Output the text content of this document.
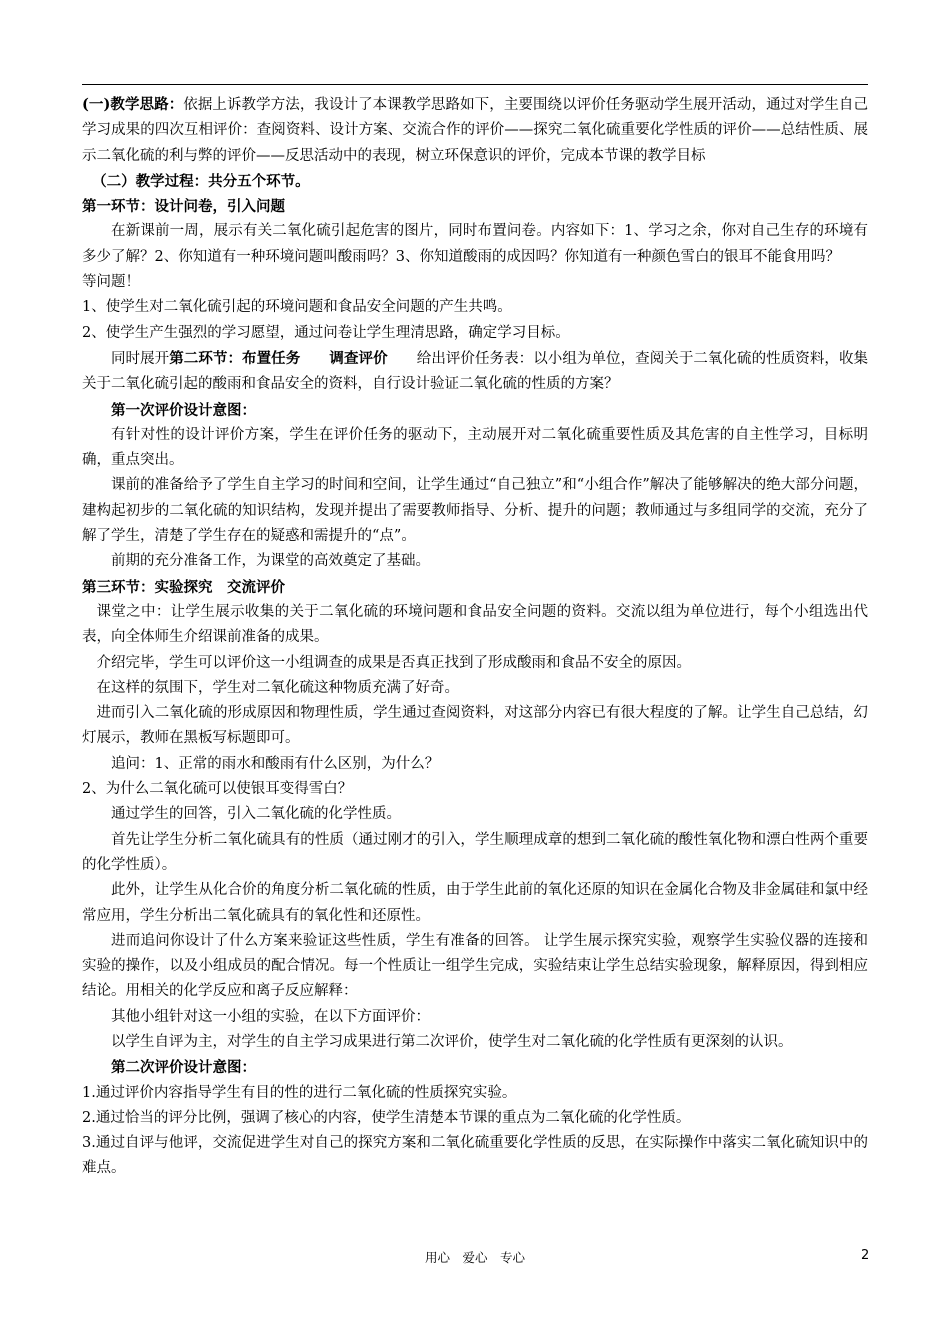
(一)教学思路：依据上诉教学方法，我设计了本课教学思路如下，主要围绕以评价任务驱动学生展开活动，通过对学生自己学习成果的四次互相评价：查阅资料、设计方案、交流合作的评价——探究二氧化硫重要化学性质的评价——总结性质、展示二氧化硫的利与弊的评价——反思活动中的表现，树立环保意识的评价，完成本节课的教学目标

（二）教学过程：共分五个环节。

第一环节：设计问卷，引入问题

在新课前一周，展示有关二氧化硫引起危害的图片，同时布置问卷。内容如下：1、学习之余，你对自己生存的环境有多少了解？2、你知道有一种环境问题叫酸雨吗？3、你知道酸雨的成因吗？你知道有一种颜色雪白的银耳不能食用吗？

等问题！

1、使学生对二氧化硫引起的环境问题和食品安全问题的产生共鸣。

2、使学生产生强烈的学习愿望，通过问卷让学生理清思路，确定学习目标。

同时展开第二环节：布置任务　　调查评价　　给出评价任务表：以小组为单位，查阅关于二氧化硫的性质资料，收集关于二氧化硫引起的酸雨和食品安全的资料，自行设计验证二氧化硫的性质的方案？

第一次评价设计意图：

有针对性的设计评价方案，学生在评价任务的驱动下，主动展开对二氧化硫重要性质及其危害的自主性学习，目标明确，重点突出。

课前的准备给予了学生自主学习的时间和空间，让学生通过“自己独立”和“小组合作”解决了能够解决的绝大部分问题，建构起初步的二氧化硫的知识结构，发现并提出了需要教师指导、分析、提升的问题；教师通过与多组同学的交流，充分了解了学生，清楚了学生存在的疑惑和需提升的“点”。

前期的充分准备工作，为课堂的高效奠定了基础。

第三环节：实验探究　交流评价

课堂之中：让学生展示收集的关于二氧化硫的环境问题和食品安全问题的资料。交流以组为单位进行，每个小组选出代表，向全体师生介绍课前准备的成果。

介绍完毕，学生可以评价这一小组调查的成果是否真正找到了形成酸雨和食品不安全的原因。

在这样的氛围下，学生对二氧化硫这种物质充满了好奇。

进而引入二氧化硫的形成原因和物理性质，学生通过查阅资料，对这部分内容已有很大程度的了解。让学生自己总结，幻灯展示，教师在黑板写标题即可。

追问：1、正常的雨水和酸雨有什么区别，为什么？

2、为什么二氧化硫可以使银耳变得雪白？

通过学生的回答，引入二氧化硫的化学性质。

首先让学生分析二氧化硫具有的性质（通过刚才的引入，学生顺理成章的想到二氧化硫的酸性氧化物和漂白性两个重要的化学性质）。

此外，让学生从化合价的角度分析二氧化硫的性质，由于学生此前的氧化还原的知识在金属化合物及非金属硅和氯中经常应用，学生分析出二氧化硫具有的氧化性和还原性。

进而追问你设计了什么方案来验证这些性质，学生有准备的回答。 让学生展示探究实验，观察学生实验仪器的连接和实验的操作，以及小组成员的配合情况。每一个性质让一组学生完成，实验结束让学生总结实验现象，解释原因，得到相应结论。用相关的化学反应和离子反应解释：

其他小组针对这一小组的实验，在以下方面评价：

以学生自评为主，对学生的自主学习成果进行第二次评价，使学生对二氧化硫的化学性质有更深刻的认识。

第二次评价设计意图：

1.通过评价内容指导学生有目的性的进行二氧化硫的性质探究实验。

2.通过恰当的评分比例，强调了核心的内容，使学生清楚本节课的重点为二氧化硫的化学性质。

3.通过自评与他评，交流促进学生对自己的探究方案和二氧化硫重要化学性质的反思，在实际操作中落实二氧化硫知识中的难点。

用心　爱心　专心	2
